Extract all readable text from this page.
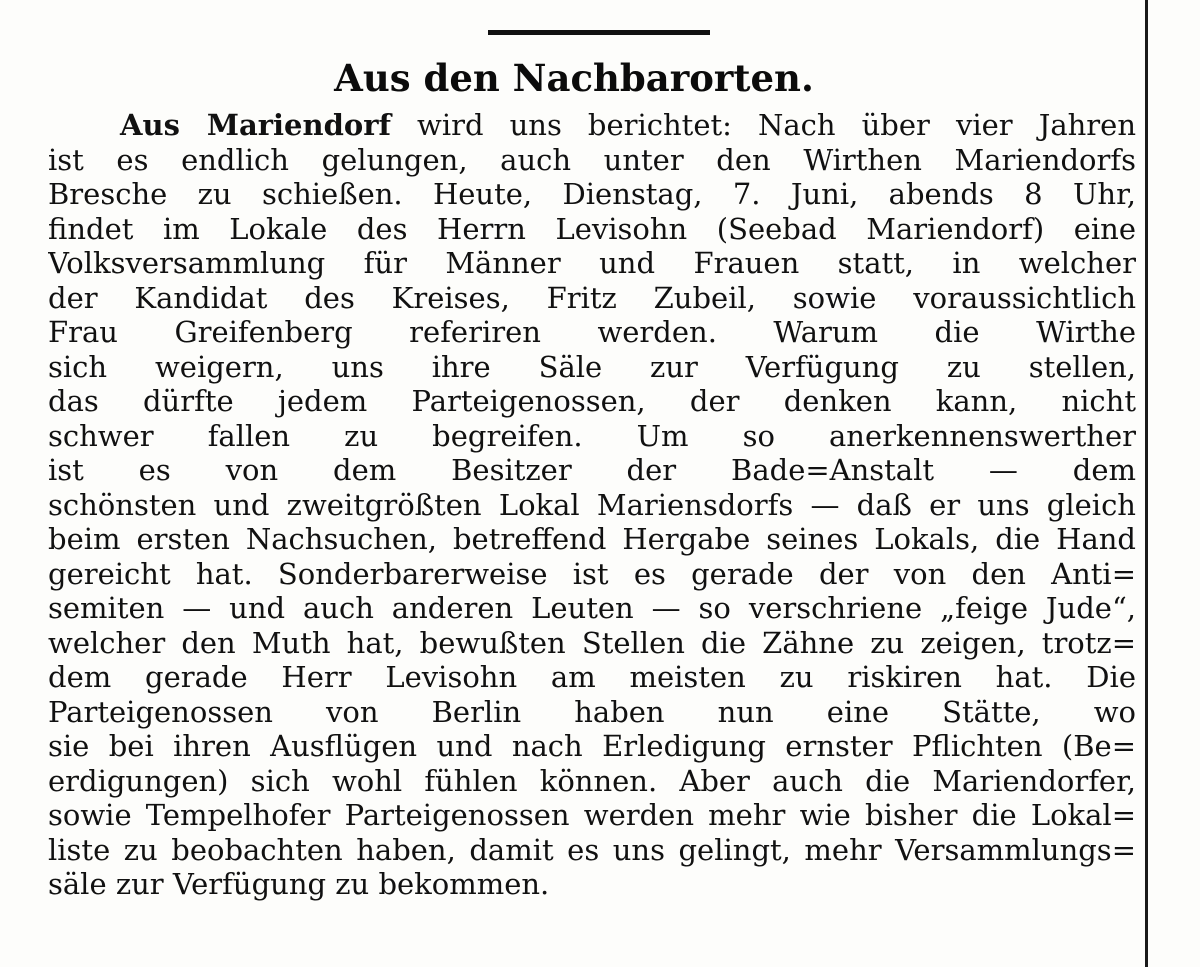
Aus den Nachbarorten.
Aus Mariendorf wird uns berichtet: Nach über vier Jahren
ist es endlich gelungen, auch unter den Wirthen Mariendorfs
Bresche zu schießen. Heute, Dienstag, 7. Juni, abends 8 Uhr,
findet im Lokale des Herrn Levisohn (Seebad Mariendorf) eine
Volksversammlung für Männer und Frauen statt, in welcher
der Kandidat des Kreises, Fritz Zubeil, sowie voraussichtlich
Frau Greifenberg referiren werden. Warum die Wirthe
sich weigern, uns ihre Säle zur Verfügung zu stellen,
das dürfte jedem Parteigenossen, der denken kann, nicht
schwer fallen zu begreifen. Um so anerkennenswerther
ist es von dem Besitzer der Bade=Anstalt — dem
schönsten und zweitgrößten Lokal Mariensdorfs — daß er uns gleich
beim ersten Nachsuchen, betreffend Hergabe seines Lokals, die Hand
gereicht hat. Sonderbarerweise ist es gerade der von den Anti=
semiten — und auch anderen Leuten — so verschriene „feige Jude“,
welcher den Muth hat, bewußten Stellen die Zähne zu zeigen, trotz=
dem gerade Herr Levisohn am meisten zu riskiren hat. Die
Parteigenossen von Berlin haben nun eine Stätte, wo
sie bei ihren Ausflügen und nach Erledigung ernster Pflichten (Be=
erdigungen) sich wohl fühlen können. Aber auch die Mariendorfer,
sowie Tempelhofer Parteigenossen werden mehr wie bisher die Lokal=
liste zu beobachten haben, damit es uns gelingt, mehr Versammlungs=
säle zur Verfügung zu bekommen.
